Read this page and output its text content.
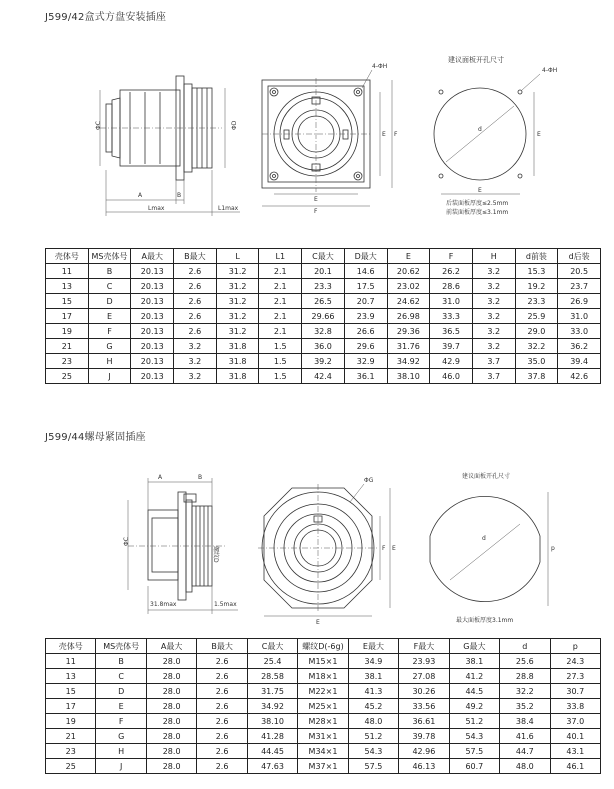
J599/42盒式方盘安装插座
ΦC	ΦD
A	B
Lmax	L1max
4-ΦH
E
F
E F
建议面板开孔尺寸
d
4-ΦH
E
E
后装面板厚度≤2.5mm
前装面板厚度≤3.1mm
壳体号	MS壳体号	A最大	B最大	L	L1	C最大	D最大	E	F	H	d前装	d后装
11	B	20.13	2.6	31.2	2.1	20.1	14.6	20.62	26.2	3.2	15.3	20.5
13	C	20.13	2.6	31.2	2.1	23.3	17.5	23.02	28.6	3.2	19.2	23.7
15	D	20.13	2.6	31.2	2.1	26.5	20.7	24.62	31.0	3.2	23.3	26.9
17	E	20.13	2.6	31.2	2.1	29.66	23.9	26.98	33.3	3.2	25.9	31.0
19	F	20.13	2.6	31.2	2.1	32.8	26.6	29.36	36.5	3.2	29.0	33.0
21	G	20.13	3.2	31.8	1.5	36.0	29.6	31.76	39.7	3.2	32.2	36.2
23	H	20.13	3.2	31.8	1.5	39.2	32.9	34.92	42.9	3.7	35.0	39.4
25	J	20.13	3.2	31.8	1.5	42.4	36.1	38.10	46.0	3.7	37.8	42.6
J599/44螺母紧固插座
A	B
ΦC
螺纹D
31.8max	1.5max
ΦG
E
F E
建议面板开孔尺寸
d
p
最大面板厚度3.1mm
壳体号	MS壳体号	A最大	B最大	C最大	螺纹D(-6g)	E最大	F最大	G最大	d	p
11	B	28.0	2.6	25.4	M15×1	34.9	23.93	38.1	25.6	24.3
13	C	28.0	2.6	28.58	M18×1	38.1	27.08	41.2	28.8	27.3
15	D	28.0	2.6	31.75	M22×1	41.3	30.26	44.5	32.2	30.7
17	E	28.0	2.6	34.92	M25×1	45.2	33.56	49.2	35.2	33.8
19	F	28.0	2.6	38.10	M28×1	48.0	36.61	51.2	38.4	37.0
21	G	28.0	2.6	41.28	M31×1	51.2	39.78	54.3	41.6	40.1
23	H	28.0	2.6	44.45	M34×1	54.3	42.96	57.5	44.7	43.1
25	J	28.0	2.6	47.63	M37×1	57.5	46.13	60.7	48.0	46.1
